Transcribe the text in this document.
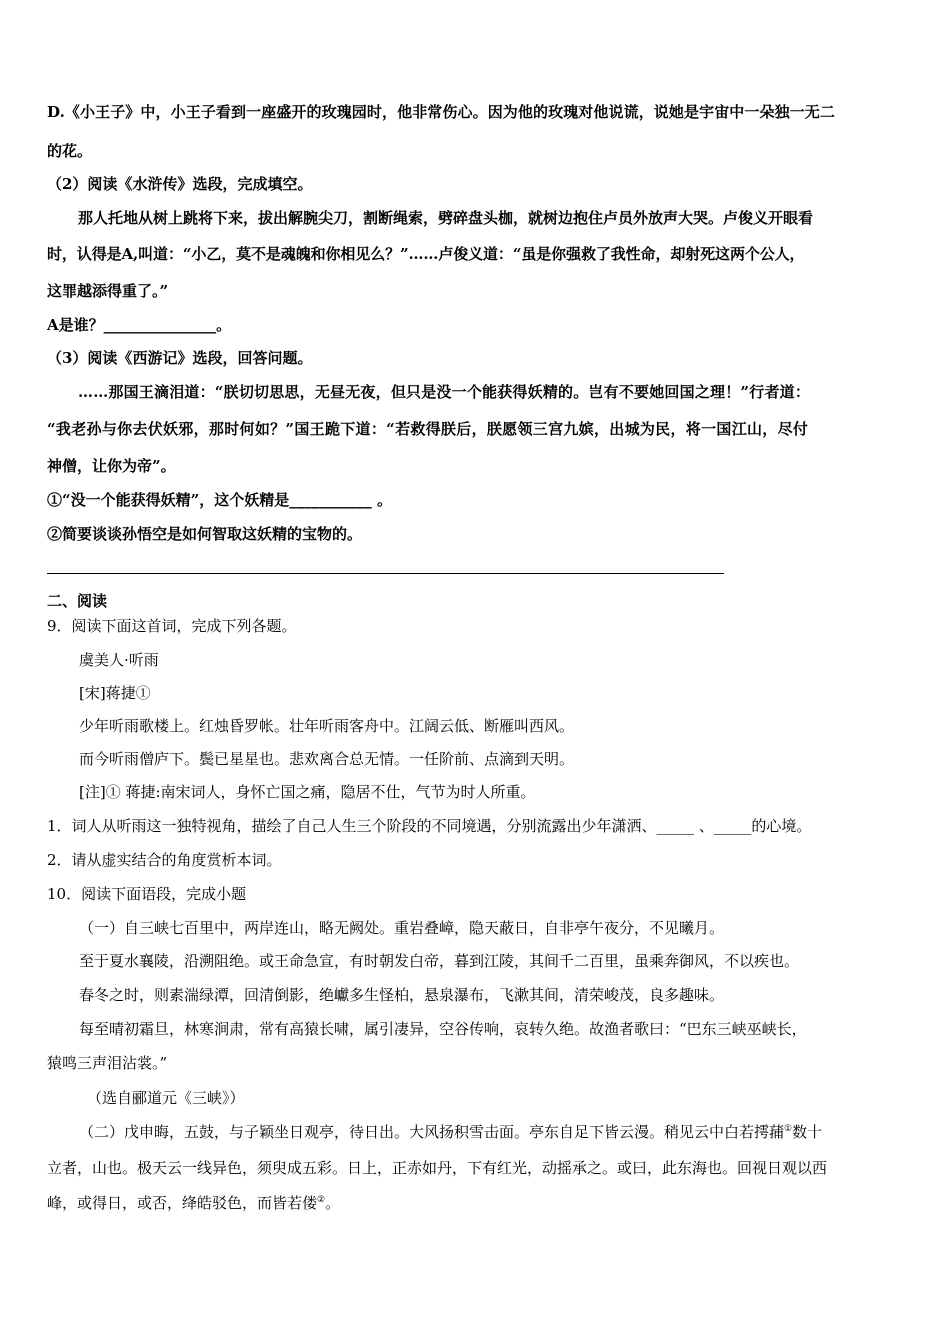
D.《小王子》中，小王子看到一座盛开的玫瑰园时，他非常伤心。因为他的玫瑰对他说谎，说她是宇宙中一朵独一无二
的花。
（2）阅读《水浒传》选段，完成填空。
那人托地从树上跳将下来，拔出解腕尖刀，割断绳索，劈碎盘头枷，就树边抱住卢员外放声大哭。卢俊义开眼看
时，认得是A,叫道：“小乙，莫不是魂魄和你相见么？”……卢俊义道：“虽是你强救了我性命，却射死这两个公人，
这罪越添得重了。”
A是谁？_______________。
（3）阅读《西游记》选段，回答问题。
……那国王滴泪道：“朕切切思思，无昼无夜，但只是没一个能获得妖精的。岂有不要她回国之理！”行者道：
“我老孙与你去伏妖邪，那时何如？”国王跪下道：“若救得朕后，朕愿领三宫九嫔，出城为民，将一国江山，尽付
神僧，让你为帝”。
①“没一个能获得妖精”，这个妖精是___________ 。
②简要谈谈孙悟空是如何智取这妖精的宝物的。
二、阅读
9．阅读下面这首词，完成下列各题。
虞美人·听雨
[宋]蒋捷①
少年听雨歌楼上。红烛昏罗帐。壮年听雨客舟中。江阔云低、断雁叫西风。
而今听雨僧庐下。鬓已星星也。悲欢离合总无情。一任阶前、点滴到天明。
[注]① 蒋捷:南宋词人，身怀亡国之痛，隐居不仕，气节为时人所重。
1．词人从听雨这一独特视角，描绘了自己人生三个阶段的不同境遇，分别流露出少年潇洒、_____ 、_____的心境。
2．请从虚实结合的角度赏析本词。
10．阅读下面语段，完成小题
（一）自三峡七百里中，两岸连山，略无阙处。重岩叠嶂，隐天蔽日，自非亭午夜分，不见曦月。
至于夏水襄陵，沿溯阻绝。或王命急宣，有时朝发白帝，暮到江陵，其间千二百里，虽乘奔御风，不以疾也。
春冬之时，则素湍绿潭，回清倒影，绝巘多生怪柏，悬泉瀑布，飞漱其间，清荣峻茂，良多趣味。
每至晴初霜旦，林寒涧肃，常有高猿长啸，属引凄异，空谷传响，哀转久绝。故渔者歌曰：“巴东三峡巫峡长，
猿鸣三声泪沾裳。”
（选自郦道元《三峡》）
（二）戊申晦，五鼓，与子颖坐日观亭，待日出。大风扬积雪击面。亭东自足下皆云漫。稍见云中白若摴蒱①数十
立者，山也。极天云一线异色，须臾成五彩。日上，正赤如丹，下有红光，动摇承之。或曰，此东海也。回视日观以西
峰，或得日，或否，绛皓驳色，而皆若偻②。
